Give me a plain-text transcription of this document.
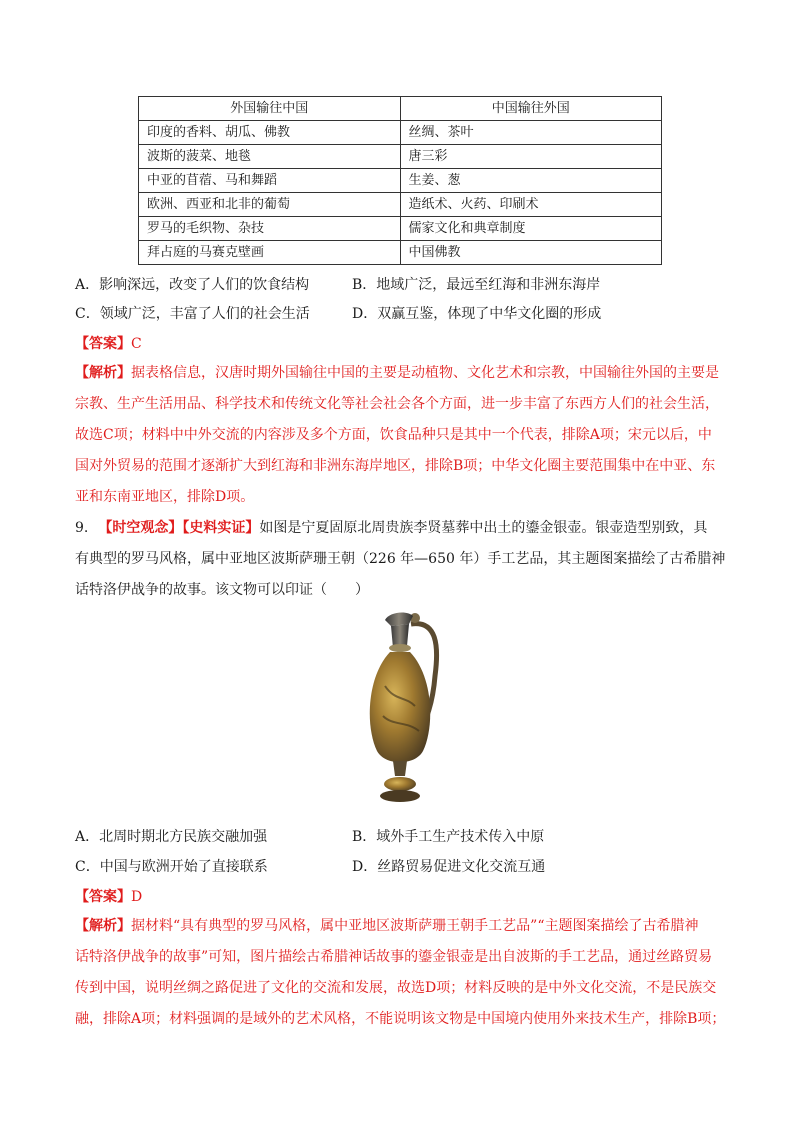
外国输往中国	中国输往外国
印度的香料、胡瓜、佛教	丝绸、茶叶
波斯的菠菜、地毯	唐三彩
中亚的苜蓿、马和舞蹈	生姜、葱
欧洲、西亚和北非的葡萄	造纸术、火药、印刷术
罗马的毛织物、杂技	儒家文化和典章制度
拜占庭的马赛克壁画	中国佛教
A．影响深远，改变了人们的饮食结构	B．地域广泛，最远至红海和非洲东海岸
C．领域广泛，丰富了人们的社会生活	D．双赢互鉴，体现了中华文化圈的形成
【答案】C
【解析】据表格信息，汉唐时期外国输往中国的主要是动植物、文化艺术和宗教，中国输往外国的主要是
宗教、生产生活用品、科学技术和传统文化等社会社会各个方面，进一步丰富了东西方人们的社会生活，
故选C项；材料中中外交流的内容涉及多个方面，饮食品种只是其中一个代表，排除A项；宋元以后，中
国对外贸易的范围才逐渐扩大到红海和非洲东海岸地区，排除B项；中华文化圈主要范围集中在中亚、东
亚和东南亚地区，排除D项。
9. 【时空观念】【史料实证】如图是宁夏固原北周贵族李贤墓葬中出土的鎏金银壶。银壶造型别致，具
有典型的罗马风格，属中亚地区波斯萨珊王朝（226 年—650 年）手工艺品，其主题图案描绘了古希腊神
话特洛伊战争的故事。该文物可以印证（　　）
A．北周时期北方民族交融加强	B．域外手工生产技术传入中原
C．中国与欧洲开始了直接联系	D．丝路贸易促进文化交流互通
【答案】D
【解析】据材料“具有典型的罗马风格，属中亚地区波斯萨珊王朝手工艺品”“主题图案描绘了古希腊神
话特洛伊战争的故事”可知，图片描绘古希腊神话故事的鎏金银壶是出自波斯的手工艺品，通过丝路贸易
传到中国，说明丝绸之路促进了文化的交流和发展，故选D项；材料反映的是中外文化交流，不是民族交
融，排除A项；材料强调的是域外的艺术风格，不能说明该文物是中国境内使用外来技术生产，排除B项；
